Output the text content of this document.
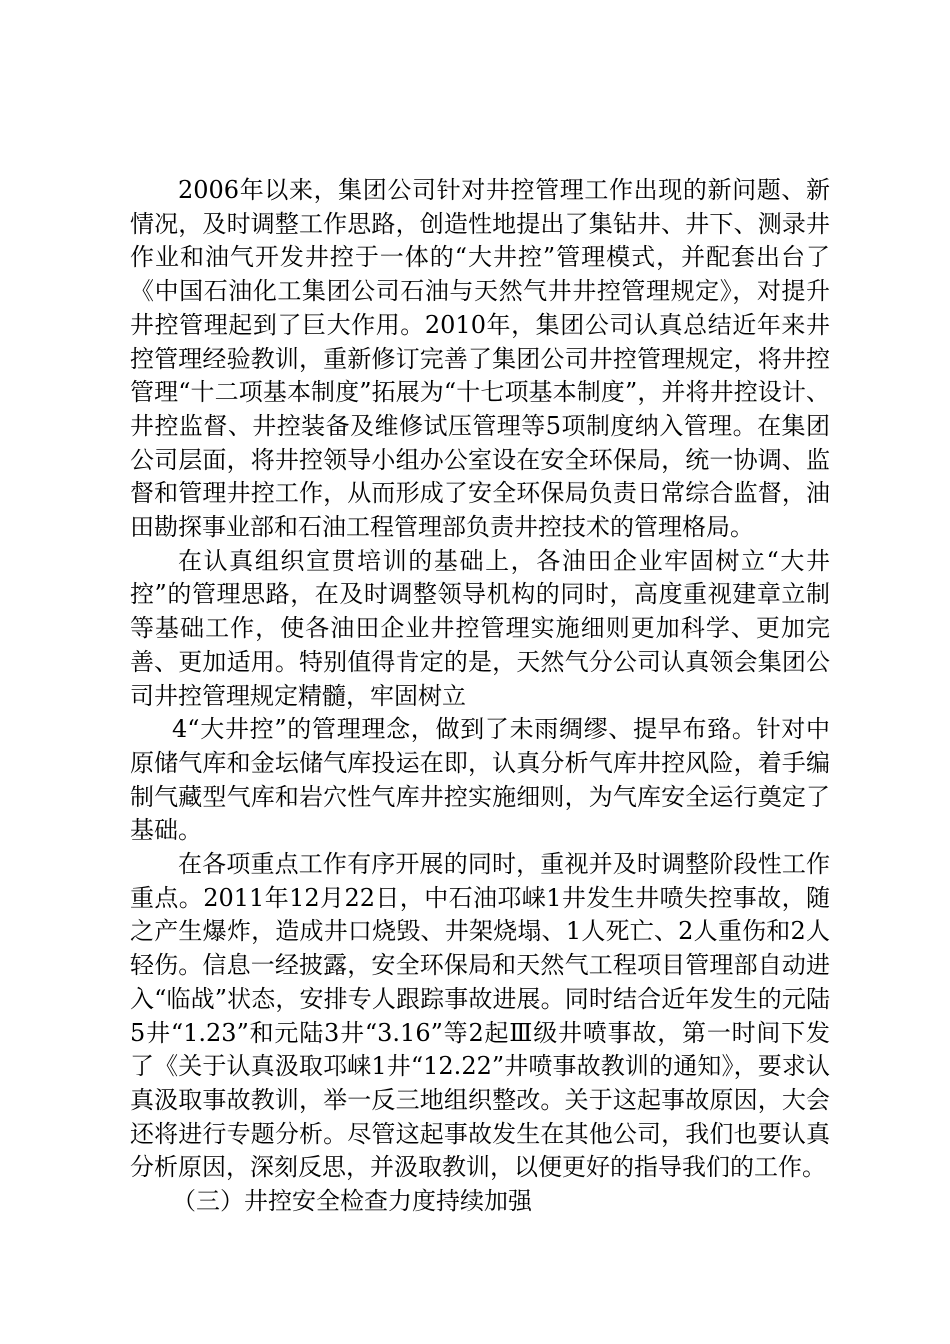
2006年以来，集团公司针对井控管理工作出现的新问题、新情况，及时调整工作思路，创造性地提出了集钻井、井下、测录井作业和油气开发井控于一体的“大井控”管理模式，并配套出台了《中国石油化工集团公司石油与天然气井井控管理规定》，对提升井控管理起到了巨大作用。2010年，集团公司认真总结近年来井控管理经验教训，重新修订完善了集团公司井控管理规定，将井控管理“十二项基本制度”拓展为“十七项基本制度”，并将井控设计、井控监督、井控装备及维修试压管理等5项制度纳入管理。在集团公司层面，将井控领导小组办公室设在安全环保局，统一协调、监督和管理井控工作，从而形成了安全环保局负责日常综合监督，油田勘探事业部和石油工程管理部负责井控技术的管理格局。

在认真组织宣贯培训的基础上，各油田企业牢固树立“大井控”的管理思路，在及时调整领导机构的同时，高度重视建章立制等基础工作，使各油田企业井控管理实施细则更加科学、更加完善、更加适用。特别值得肯定的是，天然气分公司认真领会集团公司井控管理规定精髓，牢固树立

4“大井控”的管理理念，做到了未雨绸缪、提早布臵。针对中原储气库和金坛储气库投运在即，认真分析气库井控风险，着手编制气藏型气库和岩穴性气库井控实施细则，为气库安全运行奠定了基础。

在各项重点工作有序开展的同时，重视并及时调整阶段性工作重点。2011年12月22日，中石油邛崃1井发生井喷失控事故，随之产生爆炸，造成井口烧毁、井架烧塌、1人死亡、2人重伤和2人轻伤。信息一经披露，安全环保局和天然气工程项目管理部自动进入“临战”状态，安排专人跟踪事故进展。同时结合近年发生的元陆5井“1.23”和元陆3井“3.16”等2起Ⅲ级井喷事故，第一时间下发了《关于认真汲取邛崃1井“12.22”井喷事故教训的通知》，要求认真汲取事故教训，举一反三地组织整改。关于这起事故原因，大会还将进行专题分析。尽管这起事故发生在其他公司，我们也要认真分析原因，深刻反思，并汲取教训，以便更好的指导我们的工作。

（三）井控安全检查力度持续加强
